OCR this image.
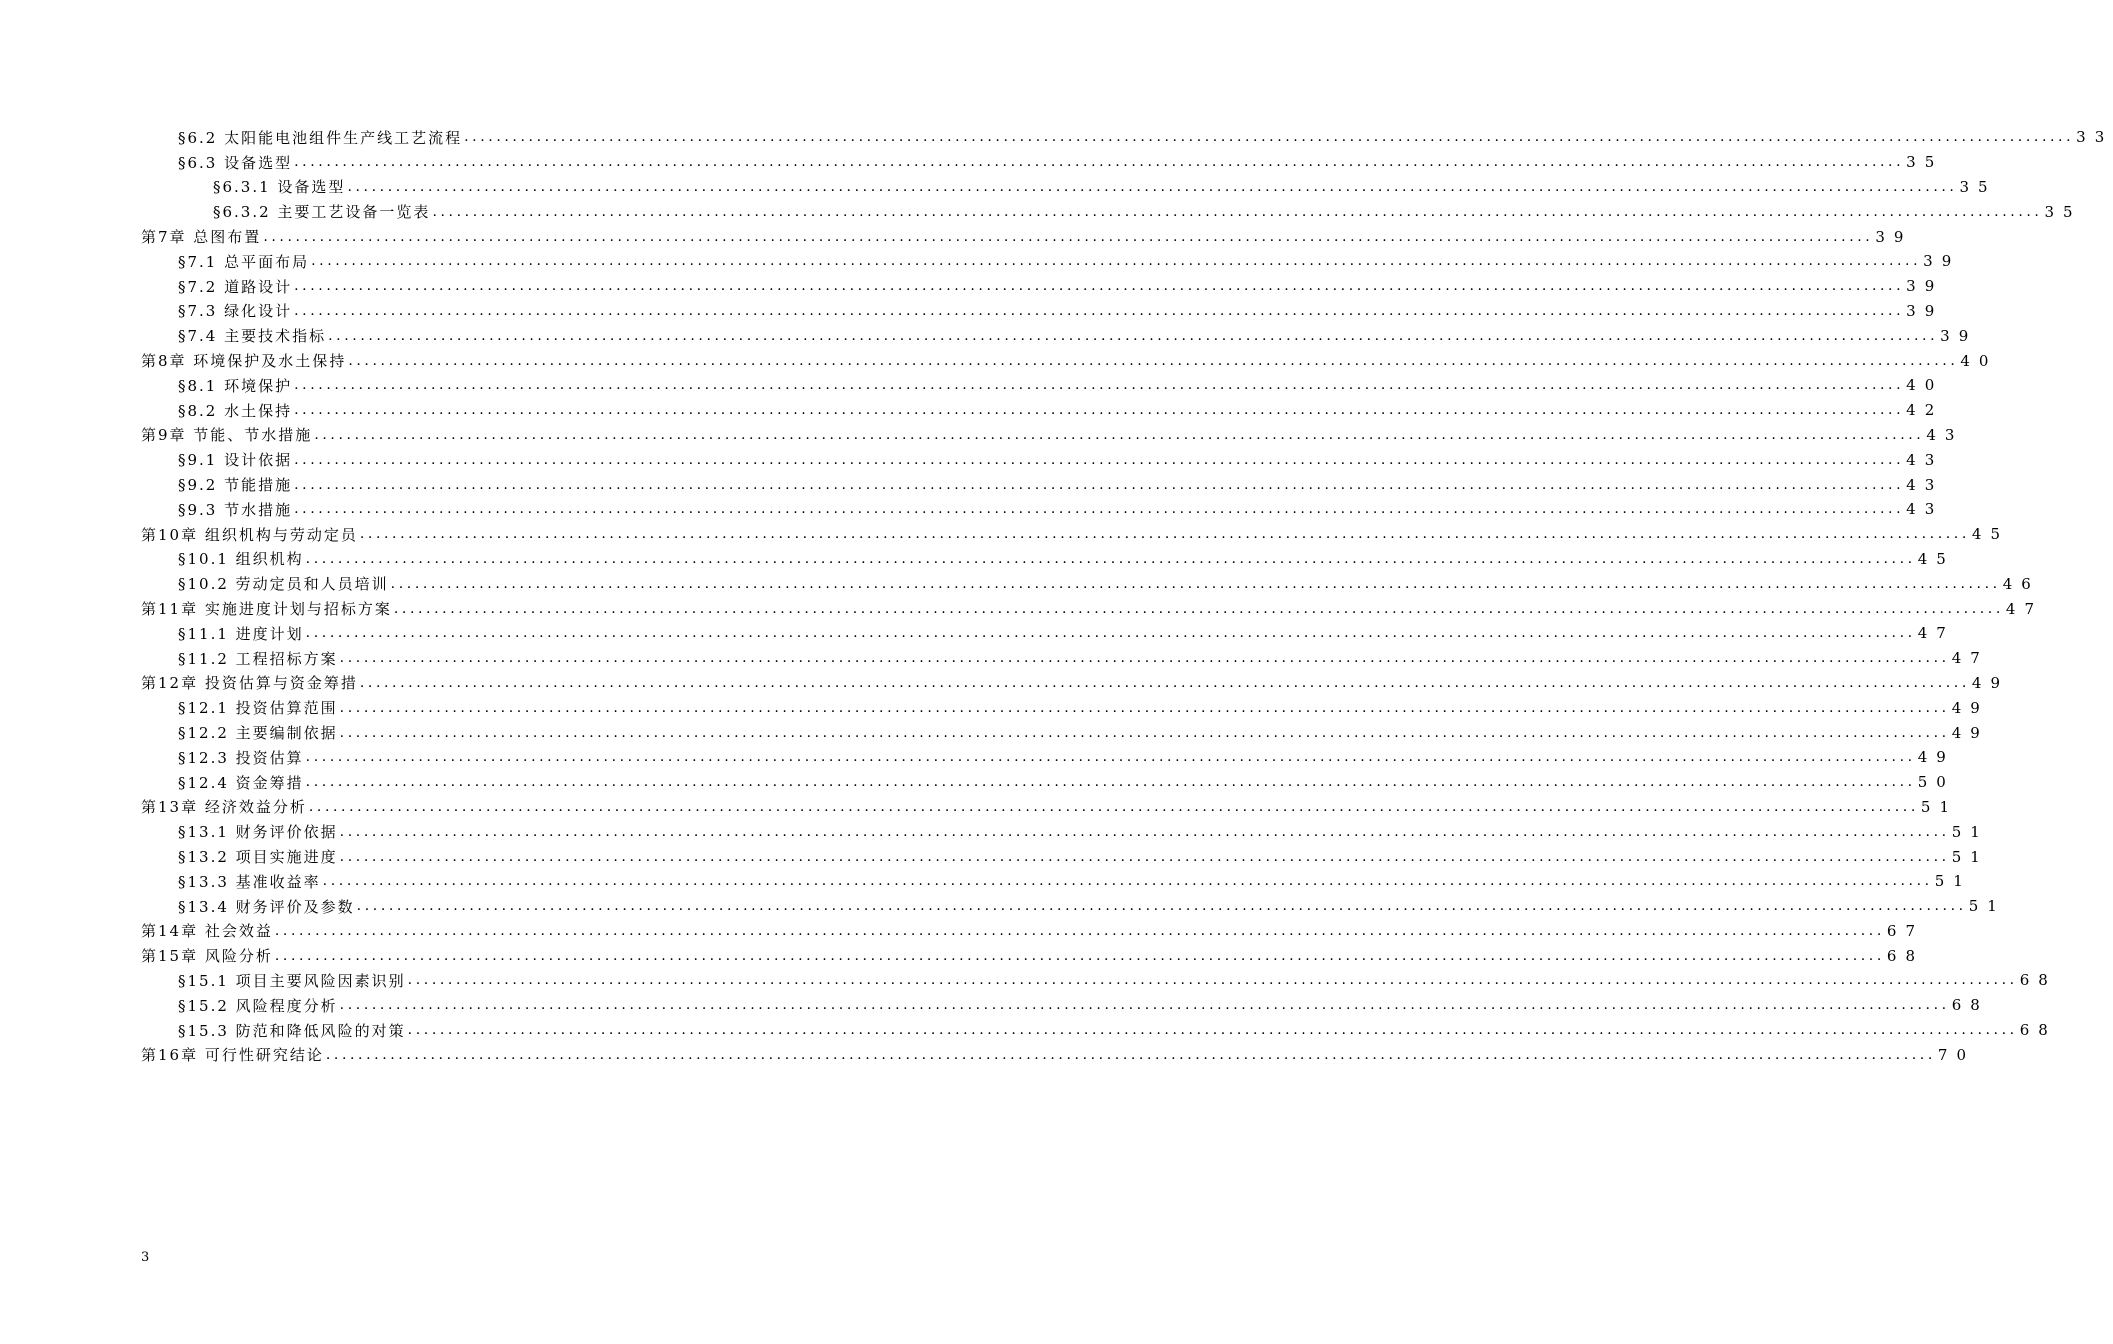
§6.2 太阳能电池组件生产线工艺流程 ........................................................................................................................................................................................................ 33
§6.3 设备选型 ........................................................................................................................................................................................................ 35
§6.3.1 设备选型 ........................................................................................................................................................................................................ 35
§6.3.2 主要工艺设备一览表 ........................................................................................................................................................................................................ 35
第7章 总图布置 ........................................................................................................................................................................................................ 39
§7.1 总平面布局 ........................................................................................................................................................................................................ 39
§7.2 道路设计 ........................................................................................................................................................................................................ 39
§7.3 绿化设计 ........................................................................................................................................................................................................ 39
§7.4 主要技术指标 ........................................................................................................................................................................................................ 39
第8章 环境保护及水土保持 ........................................................................................................................................................................................................ 40
§8.1 环境保护 ........................................................................................................................................................................................................ 40
§8.2 水土保持 ........................................................................................................................................................................................................ 42
第9章 节能、节水措施 ........................................................................................................................................................................................................ 43
§9.1 设计依据 ........................................................................................................................................................................................................ 43
§9.2 节能措施 ........................................................................................................................................................................................................ 43
§9.3 节水措施 ........................................................................................................................................................................................................ 43
第10章 组织机构与劳动定员 ........................................................................................................................................................................................................ 45
§10.1 组织机构 ........................................................................................................................................................................................................ 45
§10.2 劳动定员和人员培训 ........................................................................................................................................................................................................ 46
第11章 实施进度计划与招标方案 ........................................................................................................................................................................................................ 47
§11.1 进度计划 ........................................................................................................................................................................................................ 47
§11.2 工程招标方案 ........................................................................................................................................................................................................ 47
第12章 投资估算与资金筹措 ........................................................................................................................................................................................................ 49
§12.1 投资估算范围 ........................................................................................................................................................................................................ 49
§12.2 主要编制依据 ........................................................................................................................................................................................................ 49
§12.3 投资估算 ........................................................................................................................................................................................................ 49
§12.4 资金筹措 ........................................................................................................................................................................................................ 50
第13章 经济效益分析 ........................................................................................................................................................................................................ 51
§13.1 财务评价依据 ........................................................................................................................................................................................................ 51
§13.2 项目实施进度 ........................................................................................................................................................................................................ 51
§13.3 基准收益率 ........................................................................................................................................................................................................ 51
§13.4 财务评价及参数 ........................................................................................................................................................................................................ 51
第14章 社会效益 ........................................................................................................................................................................................................ 67
第15章 风险分析 ........................................................................................................................................................................................................ 68
§15.1 项目主要风险因素识别 ........................................................................................................................................................................................................ 68
§15.2 风险程度分析 ........................................................................................................................................................................................................ 68
§15.3 防范和降低风险的对策 ........................................................................................................................................................................................................ 68
第16章 可行性研究结论 ........................................................................................................................................................................................................ 70
3
